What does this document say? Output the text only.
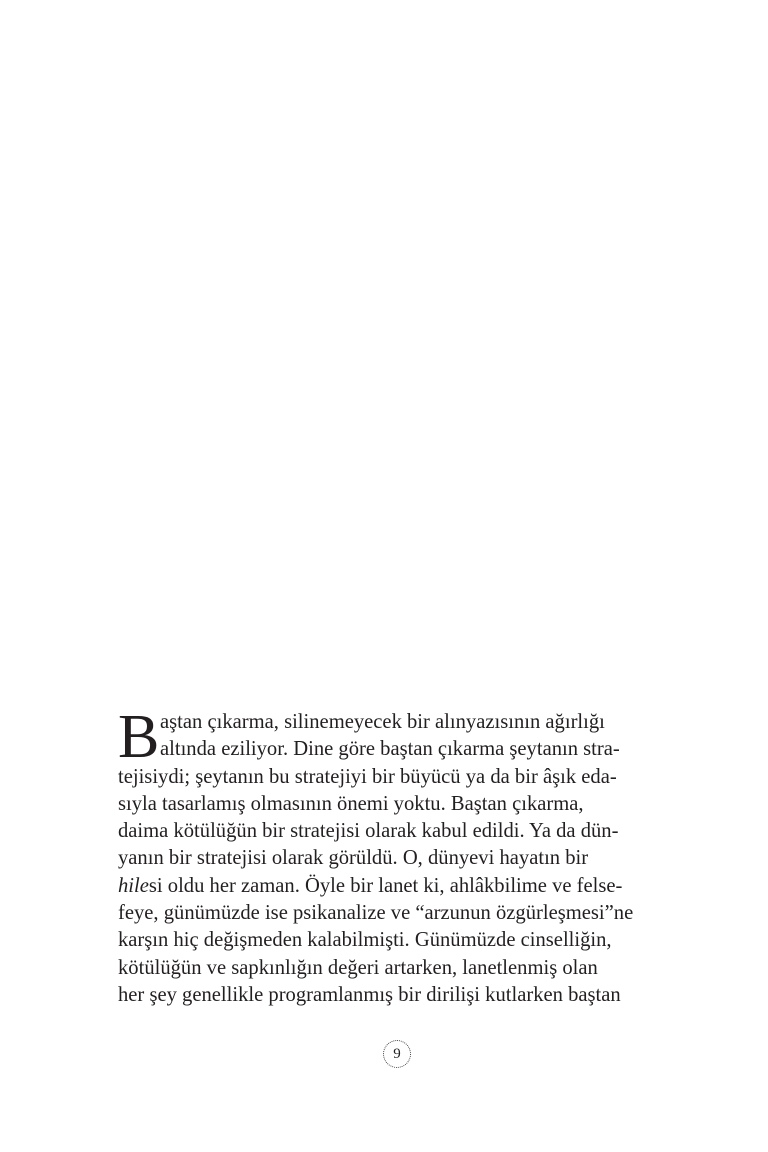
B aştan çıkarma, silinemeyecek bir alınyazısının ağırlığı
altında eziliyor. Dine göre baştan çıkarma şeytanın stra-
tejisiydi; şeytanın bu stratejiyi bir büyücü ya da bir âşık eda-
sıyla tasarlamış olmasının önemi yoktu. Baştan çıkarma,
daima kötülüğün bir stratejisi olarak kabul edildi. Ya da dün-
yanın bir stratejisi olarak görüldü. O, dünyevi hayatın bir
hilesi oldu her zaman. Öyle bir lanet ki, ahlâkbilime ve felse-
feye, günümüzde ise psikanalize ve “arzunun özgürleşmesi”ne
karşın hiç değişmeden kalabilmişti. Günümüzde cinselliğin,
kötülüğün ve sapkınlığın değeri artarken, lanetlenmiş olan
her şey genellikle programlanmış bir dirilişi kutlarken baştan
9
